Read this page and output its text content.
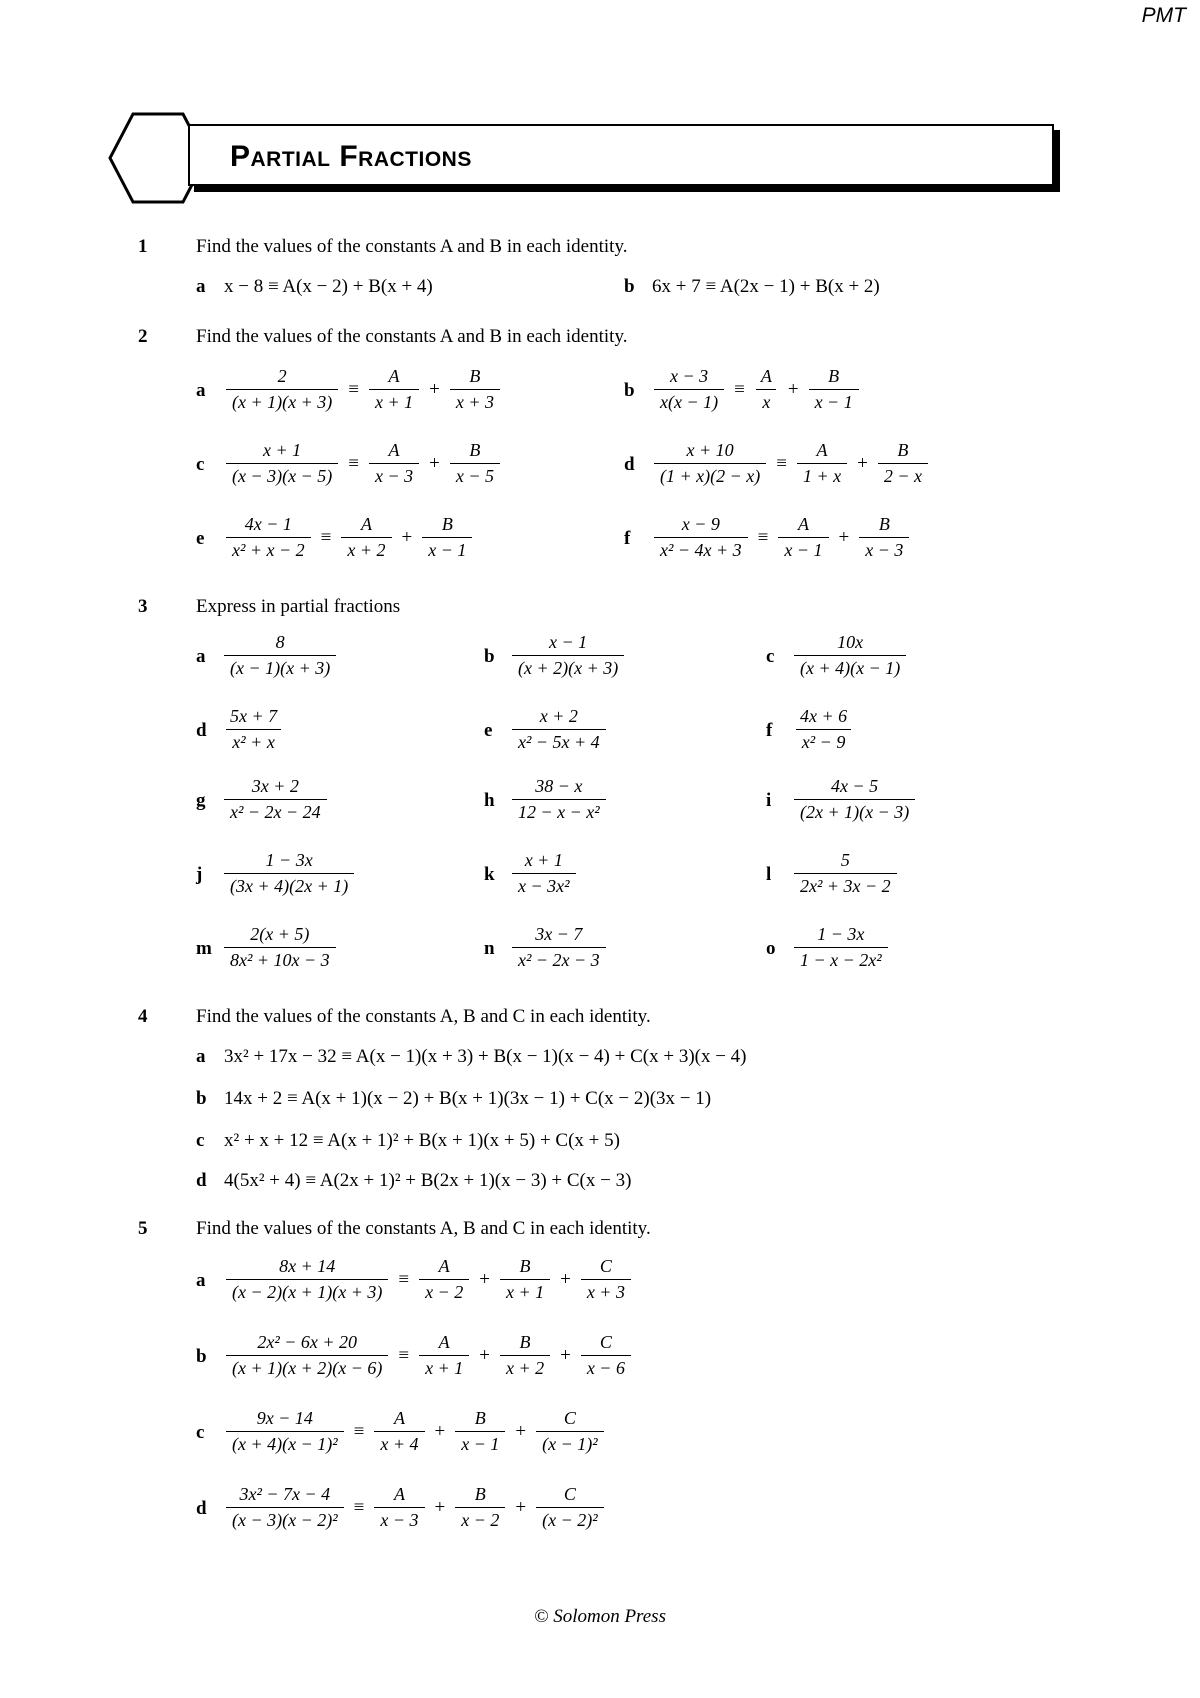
PMT
Partial Fractions
1	Find the values of the constants A and B in each identity.
a x − 8 ≡ A(x − 2) + B(x + 4)	b 6x + 7 ≡ A(2x − 1) + B(x + 2)
2	Find the values of the constants A and B in each identity.
a $\frac{2}{(x + 1)(x + 3)} \equiv \frac{A}{x + 1} + \frac{B}{x + 3}$	b $\frac{x - 3}{x(x - 1)} \equiv \frac{A}{x} + \frac{B}{x - 1}$
c $\frac{x + 1}{(x - 3)(x - 5)} \equiv \frac{A}{x - 3} + \frac{B}{x - 5}$	d $\frac{x + 10}{(1 + x)(2 - x)} \equiv \frac{A}{1 + x} + \frac{B}{2 - x}$
e $\frac{4x - 1}{\text{x² + x − 2}} \equiv \frac{A}{x + 2} + \frac{B}{x - 1}$	f $\frac{x - 9}{\text{x² − 4x + 3}} \equiv \frac{A}{x - 1} + \frac{B}{x - 3}$
3	Express in partial fractions
a $\frac{8}{(x - 1)(x + 3)}$	b $\frac{x - 1}{(x + 2)(x + 3)}$	c $\frac{10x}{(x + 4)(x - 1)}$
d $\frac{5x + 7}{\text{x² + x}}$	e $\frac{x + 2}{\text{x² − 5x + 4}}$	f $\frac{4x + 6}{\text{x² − 9}}$
g $\frac{3x + 2}{\text{x² − 2x − 24}}$	h $\frac{38 - x}{\text{12 − x − x²}}$	i $\frac{4x - 5}{(2x + 1)(x - 3)}$
j $\frac{1 - 3x}{(3x + 4)(2x + 1)}$	k $\frac{x + 1}{\text{x − 3x²}}$	l $\frac{5}{\text{2x² + 3x − 2}}$
m $\frac{2(x + 5)}{\text{8x² + 10x − 3}}$	n $\frac{3x - 7}{\text{x² − 2x − 3}}$	o $\frac{1 - 3x}{\text{1 − x − 2x²}}$
4	Find the values of the constants A, B and C in each identity.
a 3x² + 17x − 32 ≡ A(x − 1)(x + 3) + B(x − 1)(x − 4) + C(x + 3)(x − 4)
b 14x + 2 ≡ A(x + 1)(x − 2) + B(x + 1)(3x − 1) + C(x − 2)(3x − 1)
c x² + x + 12 ≡ A(x + 1)² + B(x + 1)(x + 5) + C(x + 5)
d 4(5x² + 4) ≡ A(2x + 1)² + B(2x + 1)(x − 3) + C(x − 3)
5	Find the values of the constants A, B and C in each identity.
a $\frac{8x + 14}{(x - 2)(x + 1)(x + 3)} \equiv \frac{A}{x - 2} + \frac{B}{x + 1} + \frac{C}{x + 3}$
b $\frac{\text{2x² − 6x + 20}}{(x + 1)(x + 2)(x - 6)} \equiv \frac{A}{x + 1} + \frac{B}{x + 2} + \frac{C}{x - 6}$
c $\frac{9x - 14}{\text{(x + 4)(x − 1)²}} \equiv \frac{A}{x + 4} + \frac{B}{x - 1} + \frac{C}{\text{(x − 1)²}}$
d $\frac{\text{3x² − 7x − 4}}{\text{(x − 3)(x − 2)²}} \equiv \frac{A}{x - 3} + \frac{B}{x - 2} + \frac{C}{\text{(x − 2)²}}$
© Solomon Press
